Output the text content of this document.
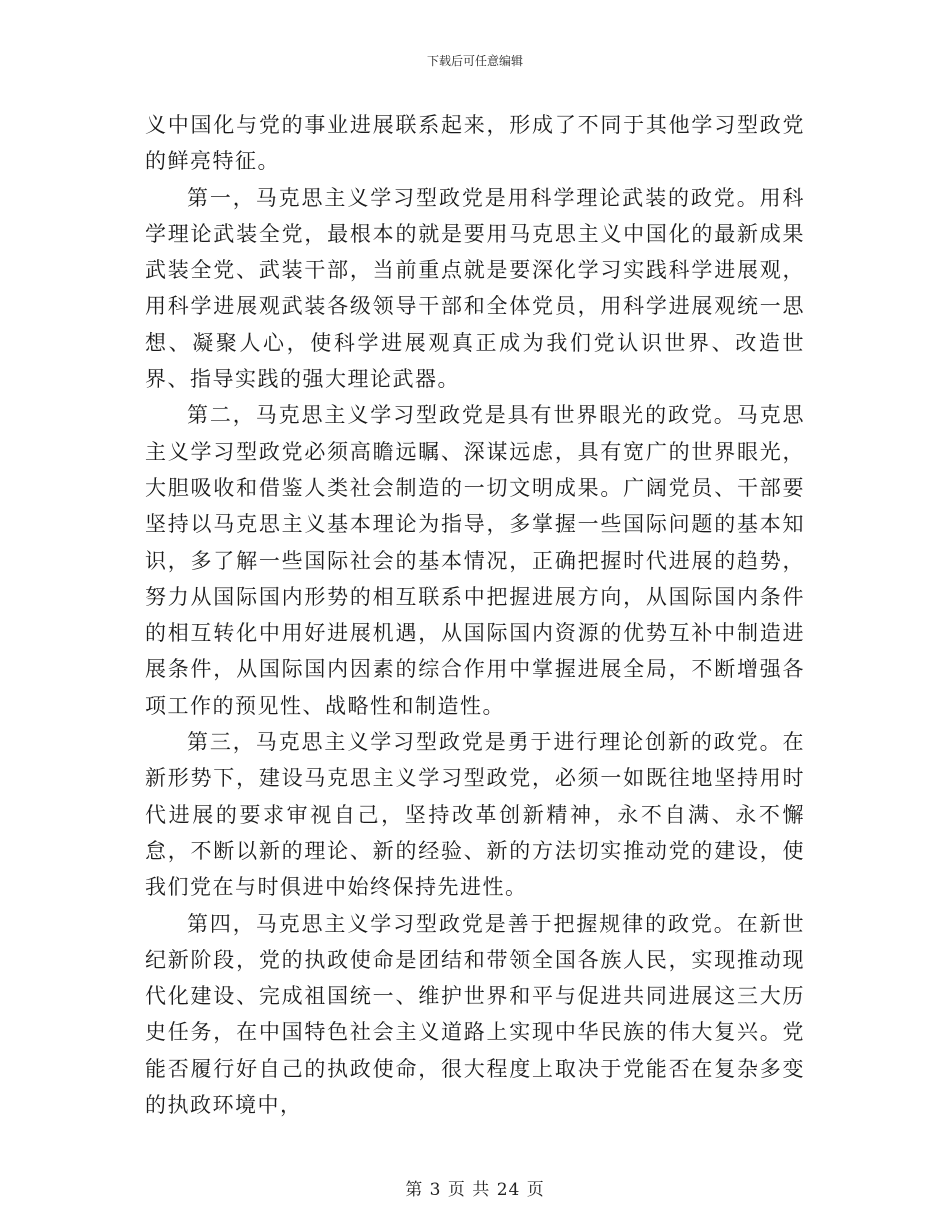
下载后可任意编辑

义中国化与党的事业进展联系起来，形成了不同于其他学习型政党的鲜亮特征。

第一，马克思主义学习型政党是用科学理论武装的政党。用科学理论武装全党，最根本的就是要用马克思主义中国化的最新成果武装全党、武装干部，当前重点就是要深化学习实践科学进展观，用科学进展观武装各级领导干部和全体党员，用科学进展观统一思想、凝聚人心，使科学进展观真正成为我们党认识世界、改造世界、指导实践的强大理论武器。

第二，马克思主义学习型政党是具有世界眼光的政党。马克思主义学习型政党必须高瞻远瞩、深谋远虑，具有宽广的世界眼光，大胆吸收和借鉴人类社会制造的一切文明成果。广阔党员、干部要坚持以马克思主义基本理论为指导，多掌握一些国际问题的基本知识，多了解一些国际社会的基本情况，正确把握时代进展的趋势，努力从国际国内形势的相互联系中把握进展方向，从国际国内条件的相互转化中用好进展机遇，从国际国内资源的优势互补中制造进展条件，从国际国内因素的综合作用中掌握进展全局，不断增强各项工作的预见性、战略性和制造性。

第三，马克思主义学习型政党是勇于进行理论创新的政党。在新形势下，建设马克思主义学习型政党，必须一如既往地坚持用时代进展的要求审视自己，坚持改革创新精神，永不自满、永不懈怠，不断以新的理论、新的经验、新的方法切实推动党的建设，使我们党在与时俱进中始终保持先进性。

第四，马克思主义学习型政党是善于把握规律的政党。在新世纪新阶段，党的执政使命是团结和带领全国各族人民，实现推动现代化建设、完成祖国统一、维护世界和平与促进共同进展这三大历史任务，在中国特色社会主义道路上实现中华民族的伟大复兴。党能否履行好自己的执政使命，很大程度上取决于党能否在复杂多变的执政环境中，

第 3 页 共 24 页
